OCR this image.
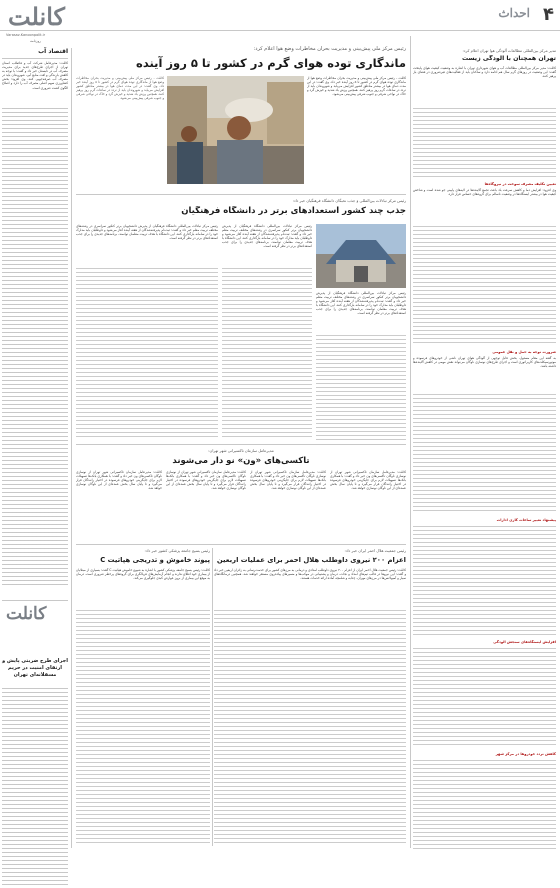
۴
احداث
کانلت
Varasaz.Kanoonpolit.ir
روزنامه
اقتصاد آب
کانلت: مدیرعامل شرکت آب و فاضلاب استان تهران از اجرای طرح‌های جدید برای مدیریت مصرف آب در تابستان خبر داد و گفت: با توجه به کاهش بارندگی و افت منابع آبی، شهروندان باید در مصرف آب صرفه‌جویی کنند. وی افزود: بخش کشاورزی سهم اصلی مصرف آب را دارد و اصلاح الگوی کشت ضروری است.
کانلت
اجرای طرح ضربتی پایش و ارتقای امنیت در حریم مسقلانه‌ای تهران
مدیر مرکز بین‌المللی مطالعات آلودگی هوا تهران اعلام کرد:
تهران همچنان با آلودگی زیست
کانلت: مدیر مرکز بین‌المللی مطالعات آب و هوای شهرداری تهران با اشاره به وضعیت کیفیت هوای پایتخت گفت: این وضعیت در روزهای گرم سال هم ادامه دارد و ساکنان باید از فعالیت‌های غیرضروری در فضای باز پرهیز کنند.
تعیین تکلیف مصرف سوخت در نیروگاه‌ها
وی افزود: افزایش دما و کاهش سرعت باد باعث تجمع آلاینده‌ها در لایه‌های پایینی جو شده است و شاخص کیفیت هوا در بیشتر ایستگاه‌ها در وضعیت ناسالم برای گروه‌های حساس قرار دارد.
ضرورت توجه به حمل و نقل عمومی
به گفته این مقام مسئول، بخش قابل توجهی از آلودگی هوای تهران ناشی از خودروهای فرسوده و موتورسیکلت‌های کاربراتوری است و اجرای طرح‌های نوسازی ناوگان می‌تواند نقش مهمی در کاهش آلاینده‌ها داشته باشد.
پیشنهاد تغییر ساعات کاری ادارات
افزایش ایستگاه‌های سنجش آلودگی
کاهش تردد خودروها در مرکز شهر
رئیس مرکز ملی پیش‌بینی و مدیریت بحران مخاطرات وضع هوا اعلام کرد:
ماندگاری توده هوای گرم در کشور تا ۵ روز آینده
کانلت - رئیس مرکز ملی پیش‌بینی و مدیریت بحران مخاطرات وضع هوا از ماندگاری توده هوای گرم در کشور تا ۵ روز آینده خبر داد. وی گفت: در این مدت دمای هوا در بیشتر مناطق کشور افزایش می‌یابد و شهروندان باید از تردد در ساعات گرم روز پرهیز کنند. همچنین وزش باد شدید و خیزش گرد و خاک در نواحی شرقی و جنوب شرقی پیش‌بینی می‌شود.
کانلت - رئیس مرکز ملی پیش‌بینی و مدیریت بحران مخاطرات وضع هوا از ماندگاری توده هوای گرم در کشور تا ۵ روز آینده خبر داد. وی گفت: در این مدت دمای هوا در بیشتر مناطق کشور افزایش می‌یابد و شهروندان باید از تردد در ساعات گرم روز پرهیز کنند. همچنین وزش باد شدید و خیزش گرد و خاک در نواحی شرقی و جنوب شرقی پیش‌بینی می‌شود.
رئیس مرکز تبادلات بین‌المللی و جذب نخبگان دانشگاه فرهنگیان خبر داد:
جذب چند کشور استعدادهای برتر در دانشگاه فرهنگیان
رئیس مرکز تبادلات بین‌المللی دانشگاه فرهنگیان از پذیرش دانشجویان برتر کنکور سراسری در رشته‌های مختلف تربیت معلم خبر داد و گفت: ثبت‌نام پذیرفته‌شدگان از هفته آینده آغاز می‌شود و داوطلبان باید مدارک خود را در سامانه بارگذاری کنند. این دانشگاه با هدف تربیت معلمان توانمند، برنامه‌های جدیدی را برای جذب استعدادهای برتر در نظر گرفته است.
رئیس مرکز تبادلات بین‌المللی دانشگاه فرهنگیان از پذیرش دانشجویان برتر کنکور سراسری در رشته‌های مختلف تربیت معلم خبر داد و گفت: ثبت‌نام پذیرفته‌شدگان از هفته آینده آغاز می‌شود و داوطلبان باید مدارک خود را در سامانه بارگذاری کنند. این دانشگاه با هدف تربیت معلمان توانمند، برنامه‌های جدیدی را برای جذب استعدادهای برتر در نظر گرفته است.
رئیس مرکز تبادلات بین‌المللی دانشگاه فرهنگیان از پذیرش دانشجویان برتر کنکور سراسری در رشته‌های مختلف تربیت معلم خبر داد و گفت: ثبت‌نام پذیرفته‌شدگان از هفته آینده آغاز می‌شود و داوطلبان باید مدارک خود را در سامانه بارگذاری کنند. این دانشگاه با هدف تربیت معلمان توانمند، برنامه‌های جدیدی را برای جذب استعدادهای برتر در نظر گرفته است.
مدیرعامل سازمان تاکسیرانی شهر تهران:
تاکسی‌های «ون» نو دار می‌شوند
کانلت: مدیرعامل سازمان تاکسیرانی شهر تهران از نوسازی ناوگان تاکسی‌های ون خبر داد و گفت: با همکاری بانک‌ها تسهیلات لازم برای جایگزینی خودروهای فرسوده در اختیار رانندگان قرار می‌گیرد و تا پایان سال بخش عمده‌ای از این ناوگان نوسازی خواهد شد.
کانلت: مدیرعامل سازمان تاکسیرانی شهر تهران از نوسازی ناوگان تاکسی‌های ون خبر داد و گفت: با همکاری بانک‌ها تسهیلات لازم برای جایگزینی خودروهای فرسوده در اختیار رانندگان قرار می‌گیرد و تا پایان سال بخش عمده‌ای از این ناوگان نوسازی خواهد شد.
کانلت: مدیرعامل سازمان تاکسیرانی شهر تهران از نوسازی ناوگان تاکسی‌های ون خبر داد و گفت: با همکاری بانک‌ها تسهیلات لازم برای جایگزینی خودروهای فرسوده در اختیار رانندگان قرار می‌گیرد و تا پایان سال بخش عمده‌ای از این ناوگان نوسازی خواهد شد.
کانلت: مدیرعامل سازمان تاکسیرانی شهر تهران از نوسازی ناوگان تاکسی‌های ون خبر داد و گفت: با همکاری بانک‌ها تسهیلات لازم برای جایگزینی خودروهای فرسوده در اختیار رانندگان قرار می‌گیرد و تا پایان سال بخش عمده‌ای از این ناوگان نوسازی خواهد شد.
رئیس جمعیت هلال احمر ایران خبر داد:
اعزام ۲۰۰ نیروی داوطلب هلال احمر برای عملیات اربعین
کانلت: رئیس جمعیت هلال احمر ایران از اعزام ۲۰۰ نیروی داوطلب امدادی و درمانی به مرزهای کشور برای خدمت‌رسانی به زائران اربعین خبر داد و گفت: این نیروها در قالب تیم‌های امداد و نجات، درمان و پشتیبانی در موکب‌ها و مسیرهای پیاده‌روی مستقر خواهند شد. همچنین درمانگاه‌های سیار و آمبولانس‌ها در مرزهای مهران، چذابه و شلمچه آماده ارائه خدمات هستند.
رئیس بسیج جامعه پزشکی کشور خبر داد:
پیوند خاموش و تدریجی هپاتیت C
کانلت: رئیس بسیج جامعه پزشکی کشور با اشاره به شیوع خاموش هپاتیت C گفت: بسیاری از مبتلایان از بیماری خود اطلاع ندارند و انجام آزمایش‌های غربالگری برای گروه‌های پرخطر ضروری است. درمان به موقع این بیماری از بروز عوارض کبدی جلوگیری می‌کند.
